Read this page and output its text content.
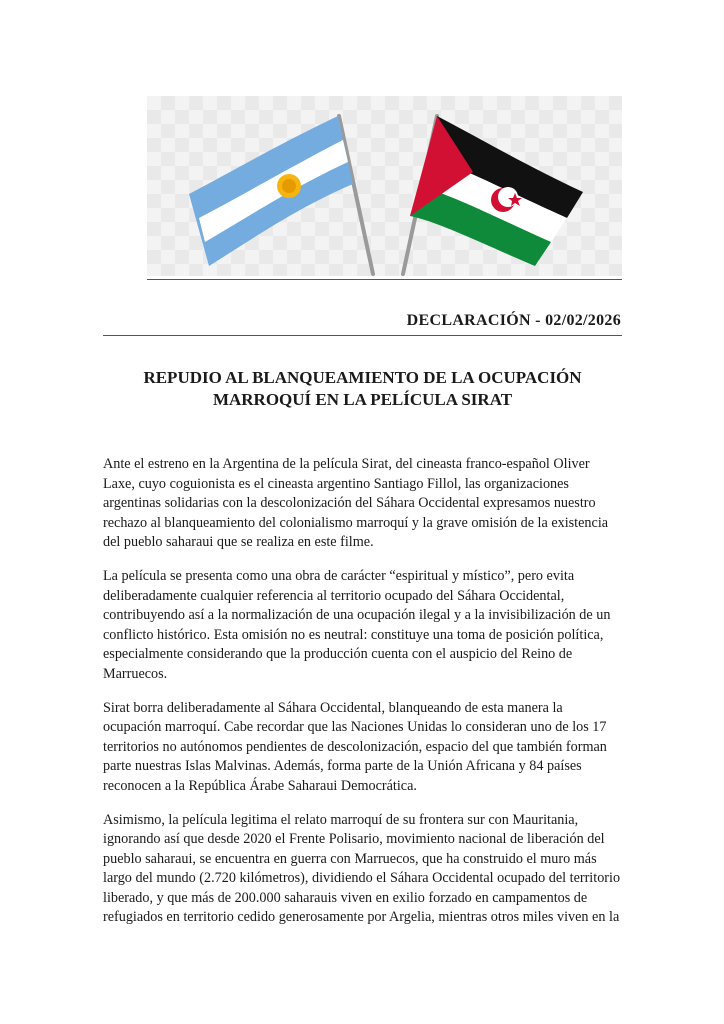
DECLARACIÓN - 02/02/2026
REPUDIO AL BLANQUEAMIENTO DE LA OCUPACIÓN
MARROQUÍ EN LA PELÍCULA SIRAT

Ante el estreno en la Argentina de la película Sirat, del cineasta franco-español Oliver Laxe, cuyo coguionista es el cineasta argentino Santiago Fillol, las organizaciones argentinas solidarias con la descolonización del Sáhara Occidental expresamos nuestro rechazo al blanqueamiento del colonialismo marroquí y la grave omisión de la existencia del pueblo saharaui que se realiza en este filme.

La película se presenta como una obra de carácter “espiritual y místico”, pero evita deliberadamente cualquier referencia al territorio ocupado del Sáhara Occidental, contribuyendo así a la normalización de una ocupación ilegal y a la invisibilización de un conflicto histórico. Esta omisión no es neutral: constituye una toma de posición política, especialmente considerando que la producción cuenta con el auspicio del Reino de Marruecos.

Sirat borra deliberadamente al Sáhara Occidental, blanqueando de esta manera la ocupación marroquí. Cabe recordar que las Naciones Unidas lo consideran uno de los 17 territorios no autónomos pendientes de descolonización, espacio del que también forman parte nuestras Islas Malvinas. Además, forma parte de la Unión Africana y 84 países reconocen a la República Árabe Saharaui Democrática.

Asimismo, la película legitima el relato marroquí de su frontera sur con Mauritania, ignorando así que desde 2020 el Frente Polisario, movimiento nacional de liberación del pueblo saharaui, se encuentra en guerra con Marruecos, que ha construido el muro más largo del mundo (2.720 kilómetros), dividiendo el Sáhara Occidental ocupado del territorio liberado, y que más de 200.000 saharauis viven en exilio forzado en campamentos de refugiados en territorio cedido generosamente por Argelia, mientras otros miles viven en la
